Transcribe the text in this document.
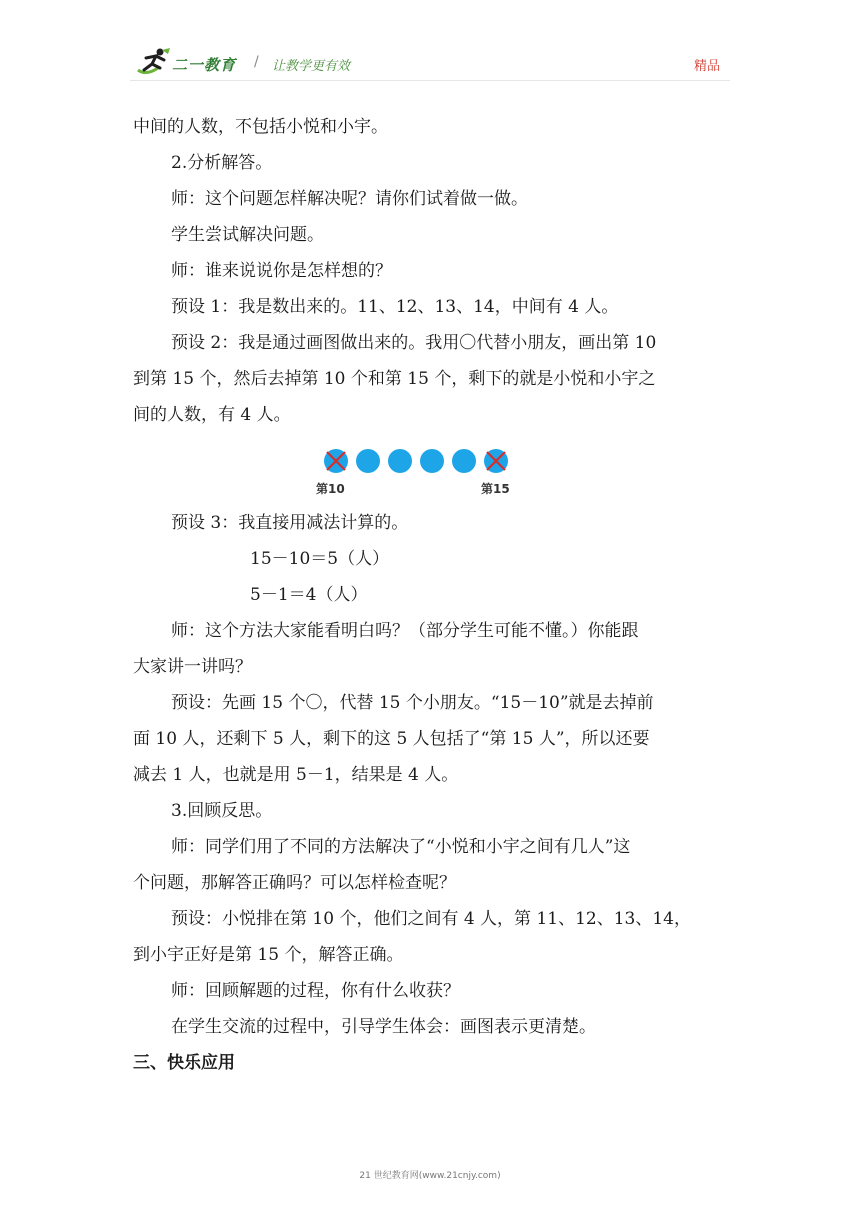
二一教育 / 让教学更有效	精品
中间的人数，不包括小悦和小宇。
2.分析解答。
师：这个问题怎样解决呢？请你们试着做一做。
学生尝试解决问题。
师：谁来说说你是怎样想的？
预设 1：我是数出来的。11、12、13、14，中间有 4 人。
预设 2：我是通过画图做出来的。我用〇代替小朋友，画出第 10
到第 15 个，然后去掉第 10 个和第 15 个，剩下的就是小悦和小宇之
间的人数，有 4 人。
第10	第15
预设 3：我直接用减法计算的。
15－10＝5（人）
5－1＝4（人）
师：这个方法大家能看明白吗？（部分学生可能不懂。）你能跟
大家讲一讲吗？
预设：先画 15 个〇，代替 15 个小朋友。“15－10”就是去掉前
面 10 人，还剩下 5 人，剩下的这 5 人包括了“第 15 人”，所以还要
减去 1 人，也就是用 5－1，结果是 4 人。
3.回顾反思。
师：同学们用了不同的方法解决了“小悦和小宇之间有几人”这
个问题，那解答正确吗？可以怎样检查呢？
预设：小悦排在第 10 个，他们之间有 4 人，第 11、12、13、14，
到小宇正好是第 15 个，解答正确。
师：回顾解题的过程，你有什么收获？
在学生交流的过程中，引导学生体会：画图表示更清楚。
三、快乐应用
21 世纪教育网(www.21cnjy.com)
